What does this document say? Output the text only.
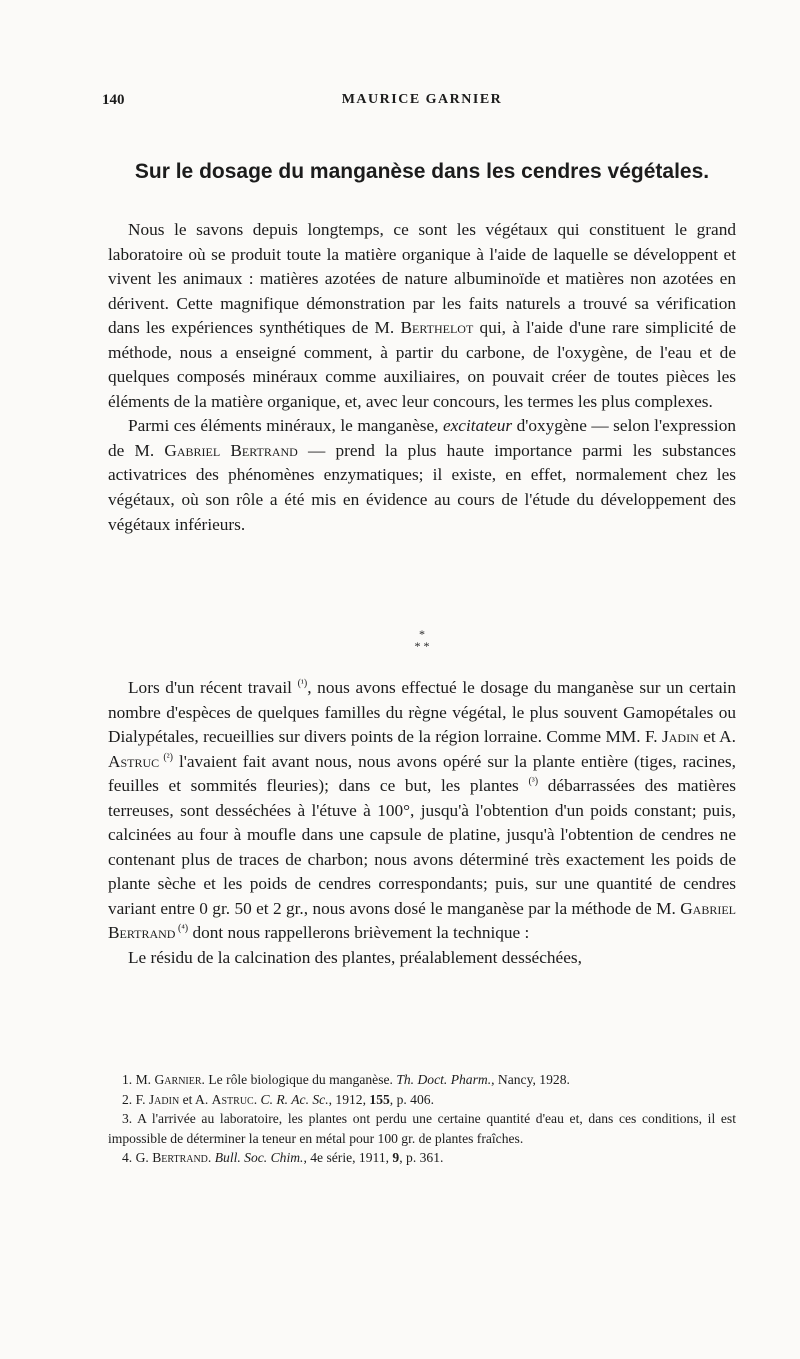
140	MAURICE GARNIER
Sur le dosage du manganèse dans les cendres végétales.

Nous le savons depuis longtemps, ce sont les végétaux qui constituent le grand laboratoire où se produit toute la matière organique à l'aide de laquelle se développent et vivent les animaux : matières azotées de nature albuminoïde et matières non azotées en dérivent. Cette magnifique démonstration par les faits naturels a trouvé sa vérification dans les expériences synthétiques de M. Berthelot qui, à l'aide d'une rare simplicité de méthode, nous a enseigné comment, à partir du carbone, de l'oxygène, de l'eau et de quelques composés minéraux comme auxiliaires, on pouvait créer de toutes pièces les éléments de la matière organique, et, avec leur concours, les termes les plus complexes.

Parmi ces éléments minéraux, le manganèse, excitateur d'oxygène — selon l'expression de M. Gabriel Bertrand — prend la plus haute importance parmi les substances activatrices des phénomènes enzymatiques; il existe, en effet, normalement chez les végétaux, où son rôle a été mis en évidence au cours de l'étude du développement des végétaux inférieurs.

*
* *

Lors d'un récent travail $^{(^1)}$, nous avons effectué le dosage du manganèse sur un certain nombre d'espèces de quelques familles du règne végétal, le plus souvent Gamopétales ou Dialypétales, recueillies sur divers points de la région lorraine. Comme MM. F. Jadin et A. Astruc $^{(^2)}$ l'avaient fait avant nous, nous avons opéré sur la plante entière (tiges, racines, feuilles et sommités fleuries); dans ce but, les plantes $^{(^3)}$ débarrassées des matières terreuses, sont desséchées à l'étuve à 100°, jusqu'à l'obtention d'un poids constant; puis, calcinées au four à moufle dans une capsule de platine, jusqu'à l'obtention de cendres ne contenant plus de traces de charbon; nous avons déterminé très exactement les poids de plante sèche et les poids de cendres correspondants; puis, sur une quantité de cendres variant entre 0 gr. 50 et 2 gr., nous avons dosé le manganèse par la méthode de M. Gabriel Bertrand $^{(^4)}$ dont nous rappellerons brièvement la technique :

Le résidu de la calcination des plantes, préalablement desséchées,

1. M. Garnier. Le rôle biologique du manganèse. Th. Doct. Pharm., Nancy, 1928.

2. F. Jadin et A. Astruc. C. R. Ac. Sc., 1912, 155, p. 406.

3. A l'arrivée au laboratoire, les plantes ont perdu une certaine quantité d'eau et, dans ces conditions, il est impossible de déterminer la teneur en métal pour 100 gr. de plantes fraîches.

4. G. Bertrand. Bull. Soc. Chim., 4e série, 1911, 9, p. 361.
